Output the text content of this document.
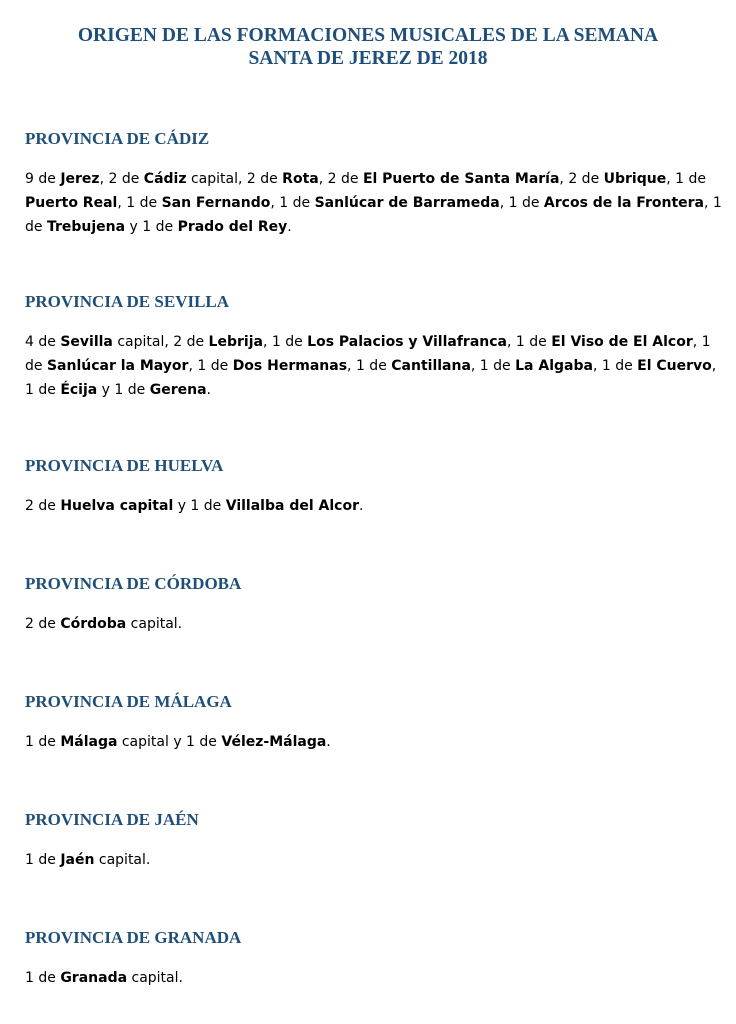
ORIGEN DE LAS FORMACIONES MUSICALES DE LA SEMANA
SANTA DE JEREZ DE 2018
PROVINCIA DE CÁDIZ

9 de Jerez, 2 de Cádiz capital, 2 de Rota, 2 de El Puerto de Santa María, 2 de Ubrique, 1 de Puerto Real, 1 de San Fernando, 1 de Sanlúcar de Barrameda, 1 de Arcos de la Frontera, 1 de Trebujena y 1 de Prado del Rey.

PROVINCIA DE SEVILLA

4 de Sevilla capital, 2 de Lebrija, 1 de Los Palacios y Villafranca, 1 de El Viso de El Alcor, 1 de Sanlúcar la Mayor, 1 de Dos Hermanas, 1 de Cantillana, 1 de La Algaba, 1 de El Cuervo, 1 de Écija y 1 de Gerena.

PROVINCIA DE HUELVA

2 de Huelva capital y 1 de Villalba del Alcor.

PROVINCIA DE CÓRDOBA

2 de Córdoba capital.

PROVINCIA DE MÁLAGA

1 de Málaga capital y 1 de Vélez-Málaga.

PROVINCIA DE JAÉN

1 de Jaén capital.

PROVINCIA DE GRANADA

1 de Granada capital.
